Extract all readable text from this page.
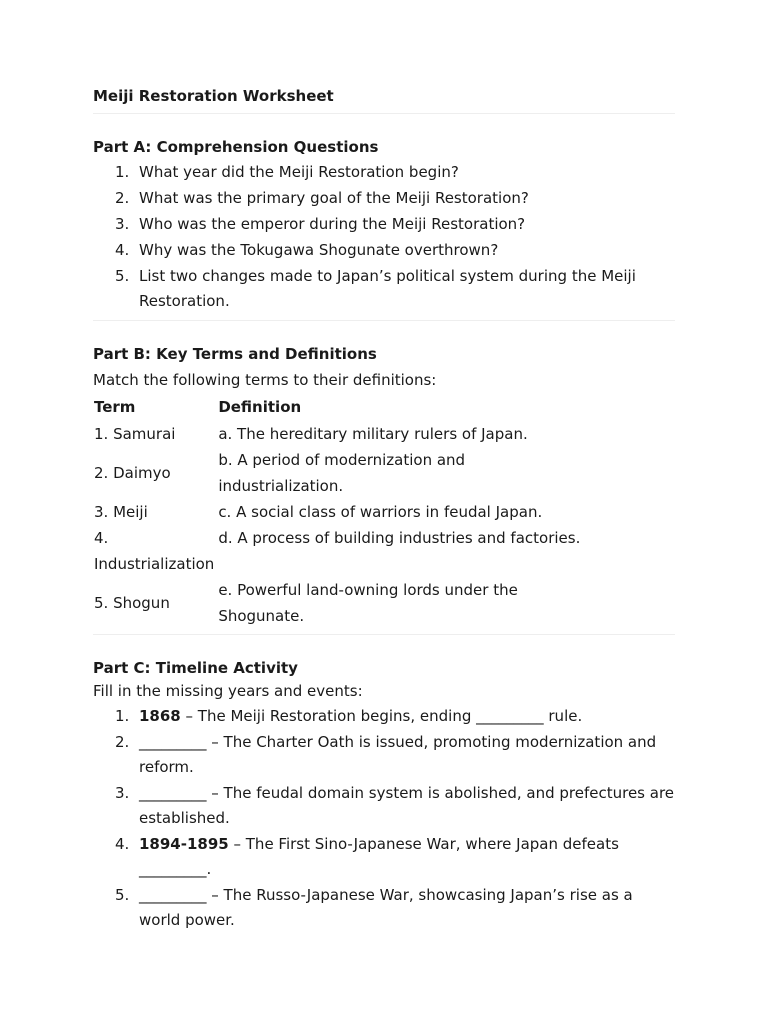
Meiji Restoration Worksheet
Part A: Comprehension Questions
1. What year did the Meiji Restoration begin?
2. What was the primary goal of the Meiji Restoration?
3. Who was the emperor during the Meiji Restoration?
4. Why was the Tokugawa Shogunate overthrown?
5. List two changes made to Japan’s political system during the Meiji Restoration.
Part B: Key Terms and Definitions

Match the following terms to their definitions:

Term	Definition
1. Samurai	a. The hereditary military rulers of Japan.
2. Daimyo	b. A period of modernization and industrialization.
3. Meiji	c. A social class of warriors in feudal Japan.
4. Industrialization	d. A process of building industries and factories.
5. Shogun	e. Powerful land-owning lords under the Shogunate.
Part C: Timeline Activity

Fill in the missing years and events:

1. 1868 – The Meiji Restoration begins, ending _________ rule.
2. _________ – The Charter Oath is issued, promoting modernization and reform.
3. _________ – The feudal domain system is abolished, and prefectures are established.
4. 1894-1895 – The First Sino-Japanese War, where Japan defeats _________.
5. _________ – The Russo-Japanese War, showcasing Japan’s rise as a world power.
